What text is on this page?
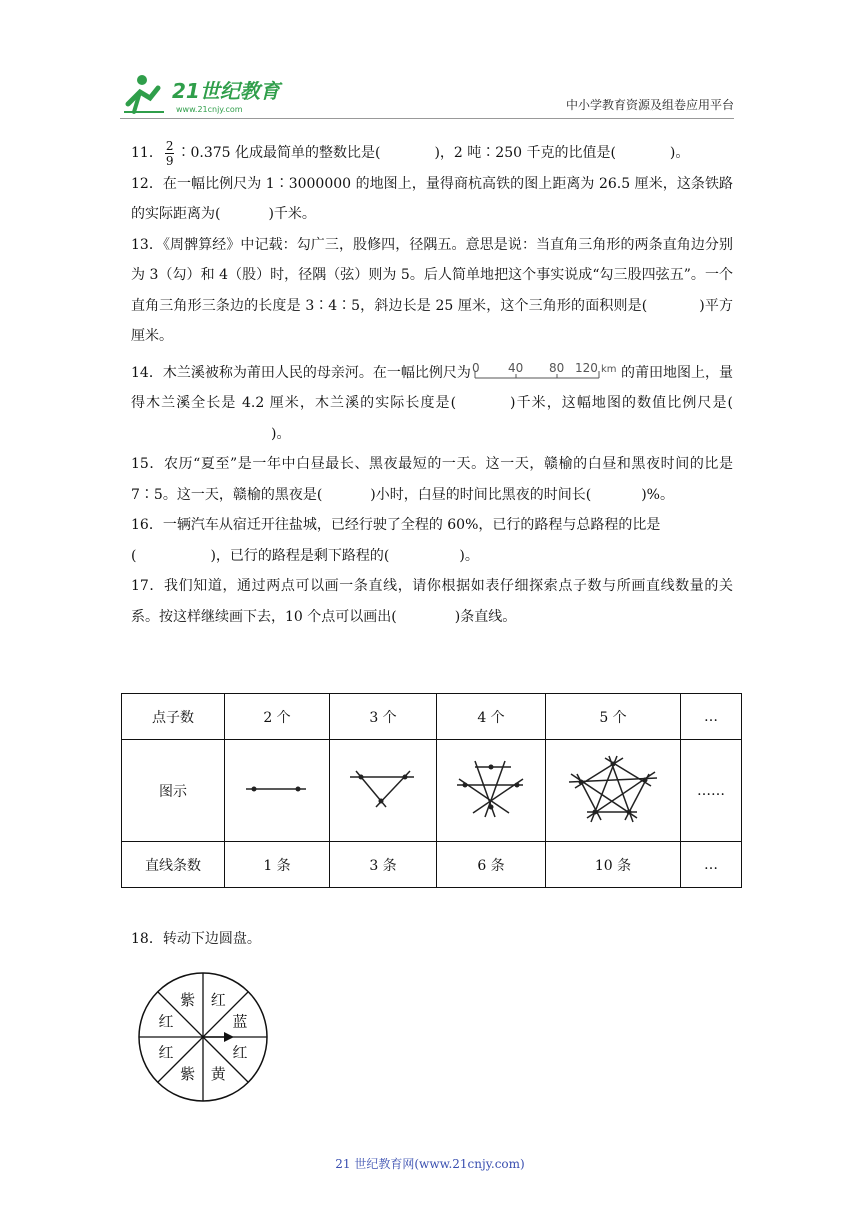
21世纪教育
www.21cnjy.com	中小学教育资源及组卷应用平台

11． $\frac{2}{9}$ ∶0.375 化成最简单的整数比是(	)，2 吨∶250 千克的比值是(	)。

12．在一幅比例尺为 1∶3000000 的地图上，量得商杭高铁的图上距离为 26.5 厘米，这条铁路的实际距离为(	)千米。

13．《周髀算经》中记载：勾广三，股修四，径隅五。意思是说：当直角三角形的两条直角边分别为 3（勾）和 4（股）时，径隅（弦）则为 5。后人简单地把这个事实说成“勾三股四弦五”。一个直角三角形三条边的长度是 3∶4∶5，斜边长是 25 厘米，这个三角形的面积则是(	)平方厘米。

14．木兰溪被称为莆田人民的母亲河。在一幅比例尺为 0 40 80 120 km 的莆田地图上，量得木兰溪全长是 4.2 厘米，木兰溪的实际长度是(	)千米，这幅地图的数值比例尺是()。

15．农历“夏至”是一年中白昼最长、黑夜最短的一天。这一天，赣榆的白昼和黑夜时间的比是 7∶5。这一天，赣榆的黑夜是(	)小时，白昼的时间比黑夜的时间长(	)%。

16．一辆汽车从宿迁开往盐城，已经行驶了全程的 60%，已行的路程与总路程的比是
(	)，已行的路程是剩下路程的(	)。

17．我们知道，通过两点可以画一条直线，请你根据如表仔细探索点子数与所画直线数量的关系。按这样继续画下去，10 个点可以画出(	)条直线。

点子数	2 个	3 个	4 个	5 个	…
图示					……
直线条数	1 条	3 条	6 条	10 条	…
18．转动下边圆盘。
紫 红
蓝
红
黄
紫
红
红
21 世纪教育网(www.21cnjy.com)
